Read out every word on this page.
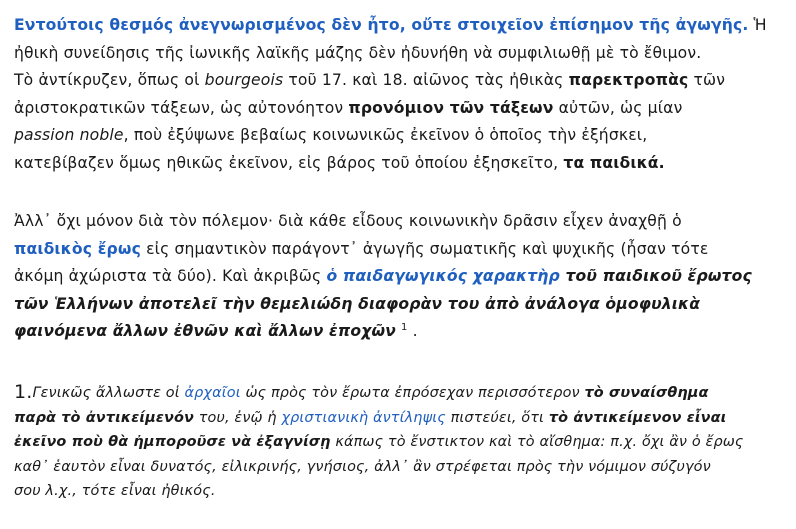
Εντούτοις θεσμός ἀνεγνωρισμένος δὲν ἦτο, οὔτε στοιχεῖον ἐπίσημον τῆς ἀγωγῆς. Ἡ
ἠθικὴ συνείδησις τῆς ἰωνικῆς λαϊκῆς μάζης δὲν ἠδυνήθη νὰ συμφιλιωθῇ μὲ τὸ ἔθιμον.
Τὸ ἀντίκρυζεν, ὅπως οἱ bourgeois τοῦ 17. καὶ 18. αἰῶνος τὰς ἠθικὰς παρεκτροπὰς τῶν
ἀριστοκρατικῶν τάξεων, ὡς αὐτονόητον προνόμιον τῶν τάξεων αὐτῶν, ὡς μίαν
passion noble, ποὺ ἐξύψωνε βεβαίως κοινωνικῶς ἐκεῖνον ὁ ὁποῖος τὴν ἐξήσκει,
κατεβίβαζεν ὅμως ηθικῶς ἐκεῖνον, εἰς βάρος τοῦ ὁποίου ἐξησκεῖτο, τα παιδικά.

Ἀλλ᾽ ὄχι μόνον διὰ τὸν πόλεμον· διὰ κάθε εἶδους κοινωνικὴν δρᾶσιν εἶχεν ἀναχθῇ ὁ
παιδικὸς ἔρως εἰς σημαντικὸν παράγοντ᾽ ἀγωγῆς σωματικῆς καὶ ψυχικῆς (ἦσαν τότε
ἀκόμη ἀχώριστα τὰ δύο). Καὶ ἀκριβῶς ὁ παιδαγωγικός χαρακτὴρ τοῦ παιδικοῦ ἔρωτος
τῶν Ἑλλήνων ἀποτελεῖ τὴν θεμελιώδη διαφορὰν του ἀπὸ ἀνάλογα ὁμοφυλικὰ
φαινόμενα ἄλλων ἐθνῶν καὶ ἄλλων ἐποχῶν $^1$ .

1.Γενικῶς ἄλλωστε οἱ ἀρχαῖοι ὡς πρὸς τὸν ἔρωτα ἐπρόσεχαν περισσότερον τὸ συναίσθημα
παρὰ τὸ ἀντικείμενόν του, ἐνῷ ἡ χριστιανικὴ ἀντίληψις πιστεύει, ὅτι τὸ ἀντικείμενον εἶναι
ἐκεῖνο ποὺ θὰ ἠμποροῦσε νὰ ἐξαγνίσῃ κάπως τὸ ἔνστικτον καὶ τὸ αἴσθημα: π.χ. ὄχι ἂν ὁ ἔρως
καθ᾽ ἑαυτὸν εἶναι δυνατός, εἰλικρινής, γνήσιος, ἀλλ᾽ ἂν στρέφεται πρὸς τὴν νόμιμον σύζυγόν
σου λ.χ., τότε εἶναι ἠθικός.
